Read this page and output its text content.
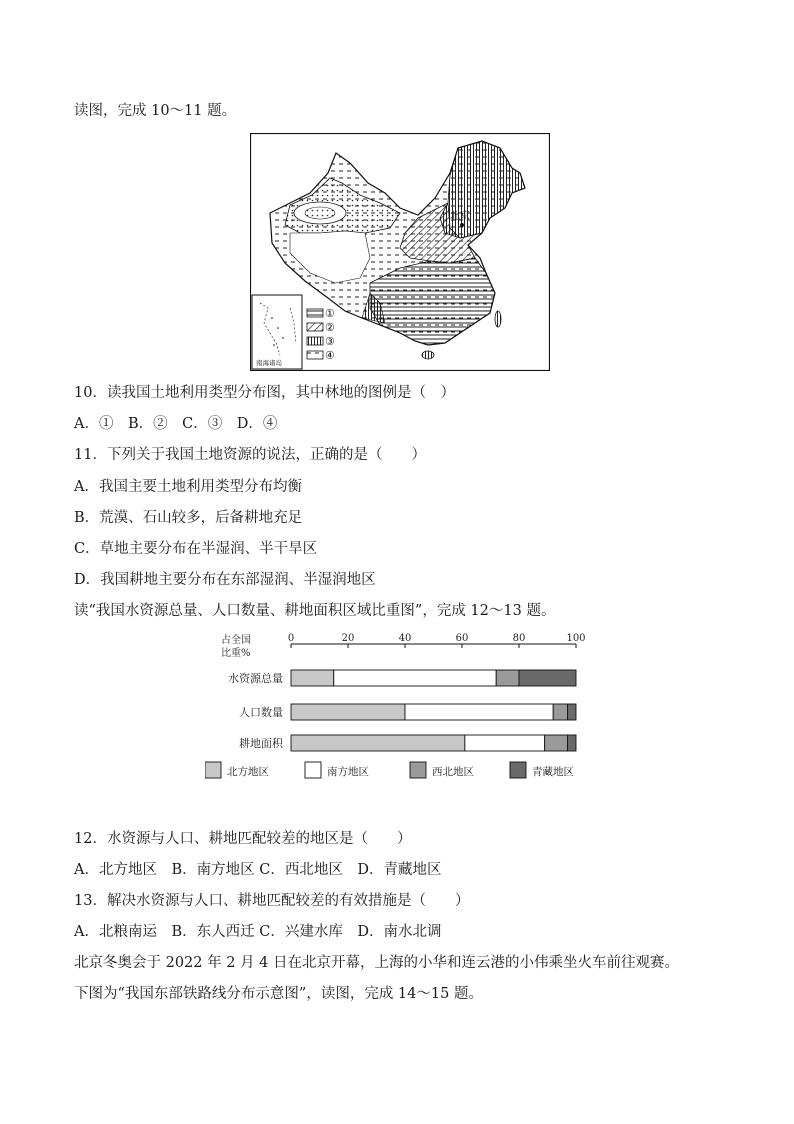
读图，完成 10～11 题。
北京
南海诸岛
①
②
③
④
10．读我国土地利用类型分布图，其中林地的图例是（　）
A．①　B．②　C．③　D．④
11．下列关于我国土地资源的说法，正确的是（　　）
A．我国主要土地利用类型分布均衡
B．荒漠、石山较多，后备耕地充足
C．草地主要分布在半湿润、半干旱区
D．我国耕地主要分布在东部湿润、半湿润地区
读“我国水资源总量、人口数量、耕地面积区域比重图”，完成 12～13 题。
占全国
比重%
0	20	40	60	80	100
水资源总量
人口数量
耕地面积
北方地区	南方地区	西北地区	青藏地区
12．水资源与人口、耕地匹配较差的地区是（　　）
A．北方地区　B．南方地区 C．西北地区　D．青藏地区
13．解决水资源与人口、耕地匹配较差的有效措施是（　　）
A．北粮南运　B．东人西迁 C．兴建水库　D．南水北调
北京冬奥会于 2022 年 2 月 4 日在北京开幕，上海的小华和连云港的小伟乘坐火车前往观赛。
下图为“我国东部铁路线分布示意图”，读图，完成 14～15 题。
